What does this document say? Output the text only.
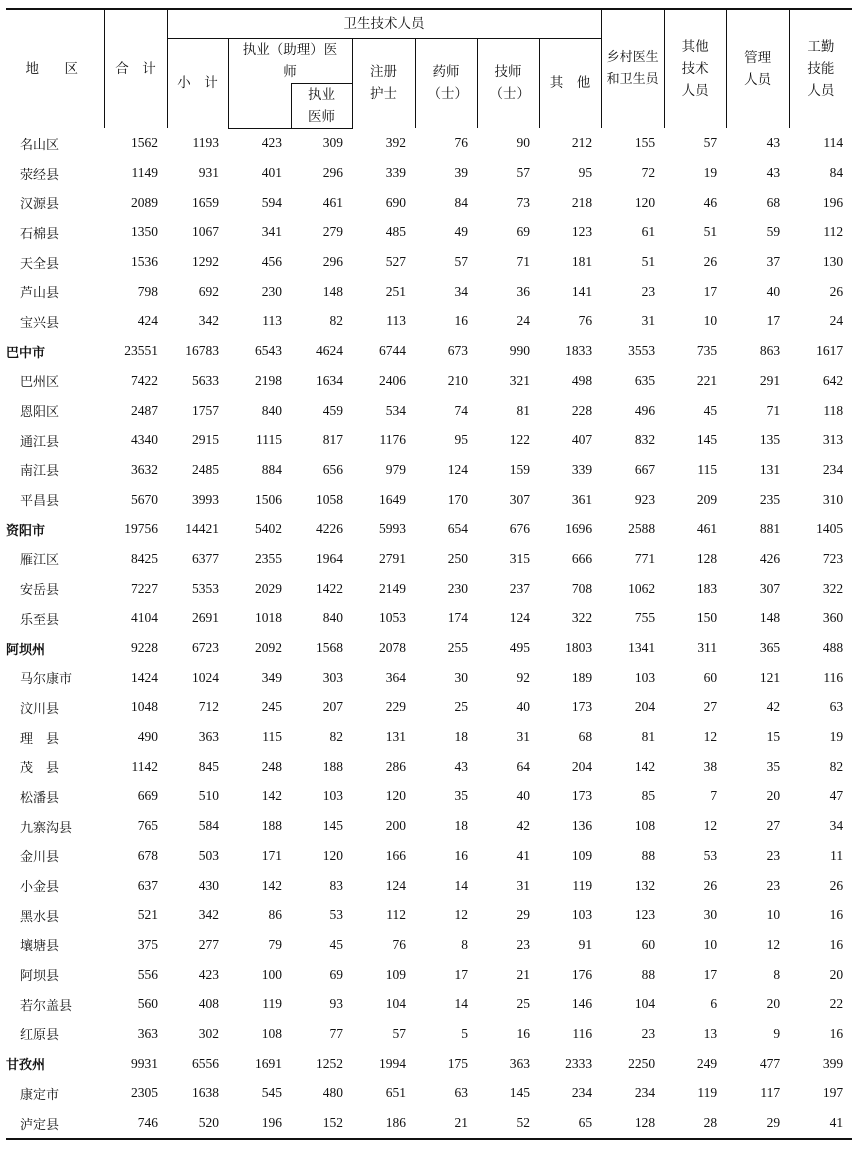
地　区	合　计	卫生技术人员							乡村医生和卫生员	其他技术人员	管理人员	工勤技能人员
		小　计	执业（助理）医师		注册护士	药师（士）	技师（士）	其　他				
				执业医师								
名山区	1562	1193	423	309	392	76	90	212	155	57	43	114
荥经县	1149	931	401	296	339	39	57	95	72	19	43	84
汉源县	2089	1659	594	461	690	84	73	218	120	46	68	196
石棉县	1350	1067	341	279	485	49	69	123	61	51	59	112
天全县	1536	1292	456	296	527	57	71	181	51	26	37	130
芦山县	798	692	230	148	251	34	36	141	23	17	40	26
宝兴县	424	342	113	82	113	16	24	76	31	10	17	24
巴中市	23551	16783	6543	4624	6744	673	990	1833	3553	735	863	1617
巴州区	7422	5633	2198	1634	2406	210	321	498	635	221	291	642
恩阳区	2487	1757	840	459	534	74	81	228	496	45	71	118
通江县	4340	2915	1115	817	1176	95	122	407	832	145	135	313
南江县	3632	2485	884	656	979	124	159	339	667	115	131	234
平昌县	5670	3993	1506	1058	1649	170	307	361	923	209	235	310
资阳市	19756	14421	5402	4226	5993	654	676	1696	2588	461	881	1405
雁江区	8425	6377	2355	1964	2791	250	315	666	771	128	426	723
安岳县	7227	5353	2029	1422	2149	230	237	708	1062	183	307	322
乐至县	4104	2691	1018	840	1053	174	124	322	755	150	148	360
阿坝州	9228	6723	2092	1568	2078	255	495	1803	1341	311	365	488
马尔康市	1424	1024	349	303	364	30	92	189	103	60	121	116
汶川县	1048	712	245	207	229	25	40	173	204	27	42	63
理　县	490	363	115	82	131	18	31	68	81	12	15	19
茂　县	1142	845	248	188	286	43	64	204	142	38	35	82
松潘县	669	510	142	103	120	35	40	173	85	7	20	47
九寨沟县	765	584	188	145	200	18	42	136	108	12	27	34
金川县	678	503	171	120	166	16	41	109	88	53	23	11
小金县	637	430	142	83	124	14	31	119	132	26	23	26
黑水县	521	342	86	53	112	12	29	103	123	30	10	16
壤塘县	375	277	79	45	76	8	23	91	60	10	12	16
阿坝县	556	423	100	69	109	17	21	176	88	17	8	20
若尔盖县	560	408	119	93	104	14	25	146	104	6	20	22
红原县	363	302	108	77	57	5	16	116	23	13	9	16
甘孜州	9931	6556	1691	1252	1994	175	363	2333	2250	249	477	399
康定市	2305	1638	545	480	651	63	145	234	234	119	117	197
泸定县	746	520	196	152	186	21	52	65	128	28	29	41
